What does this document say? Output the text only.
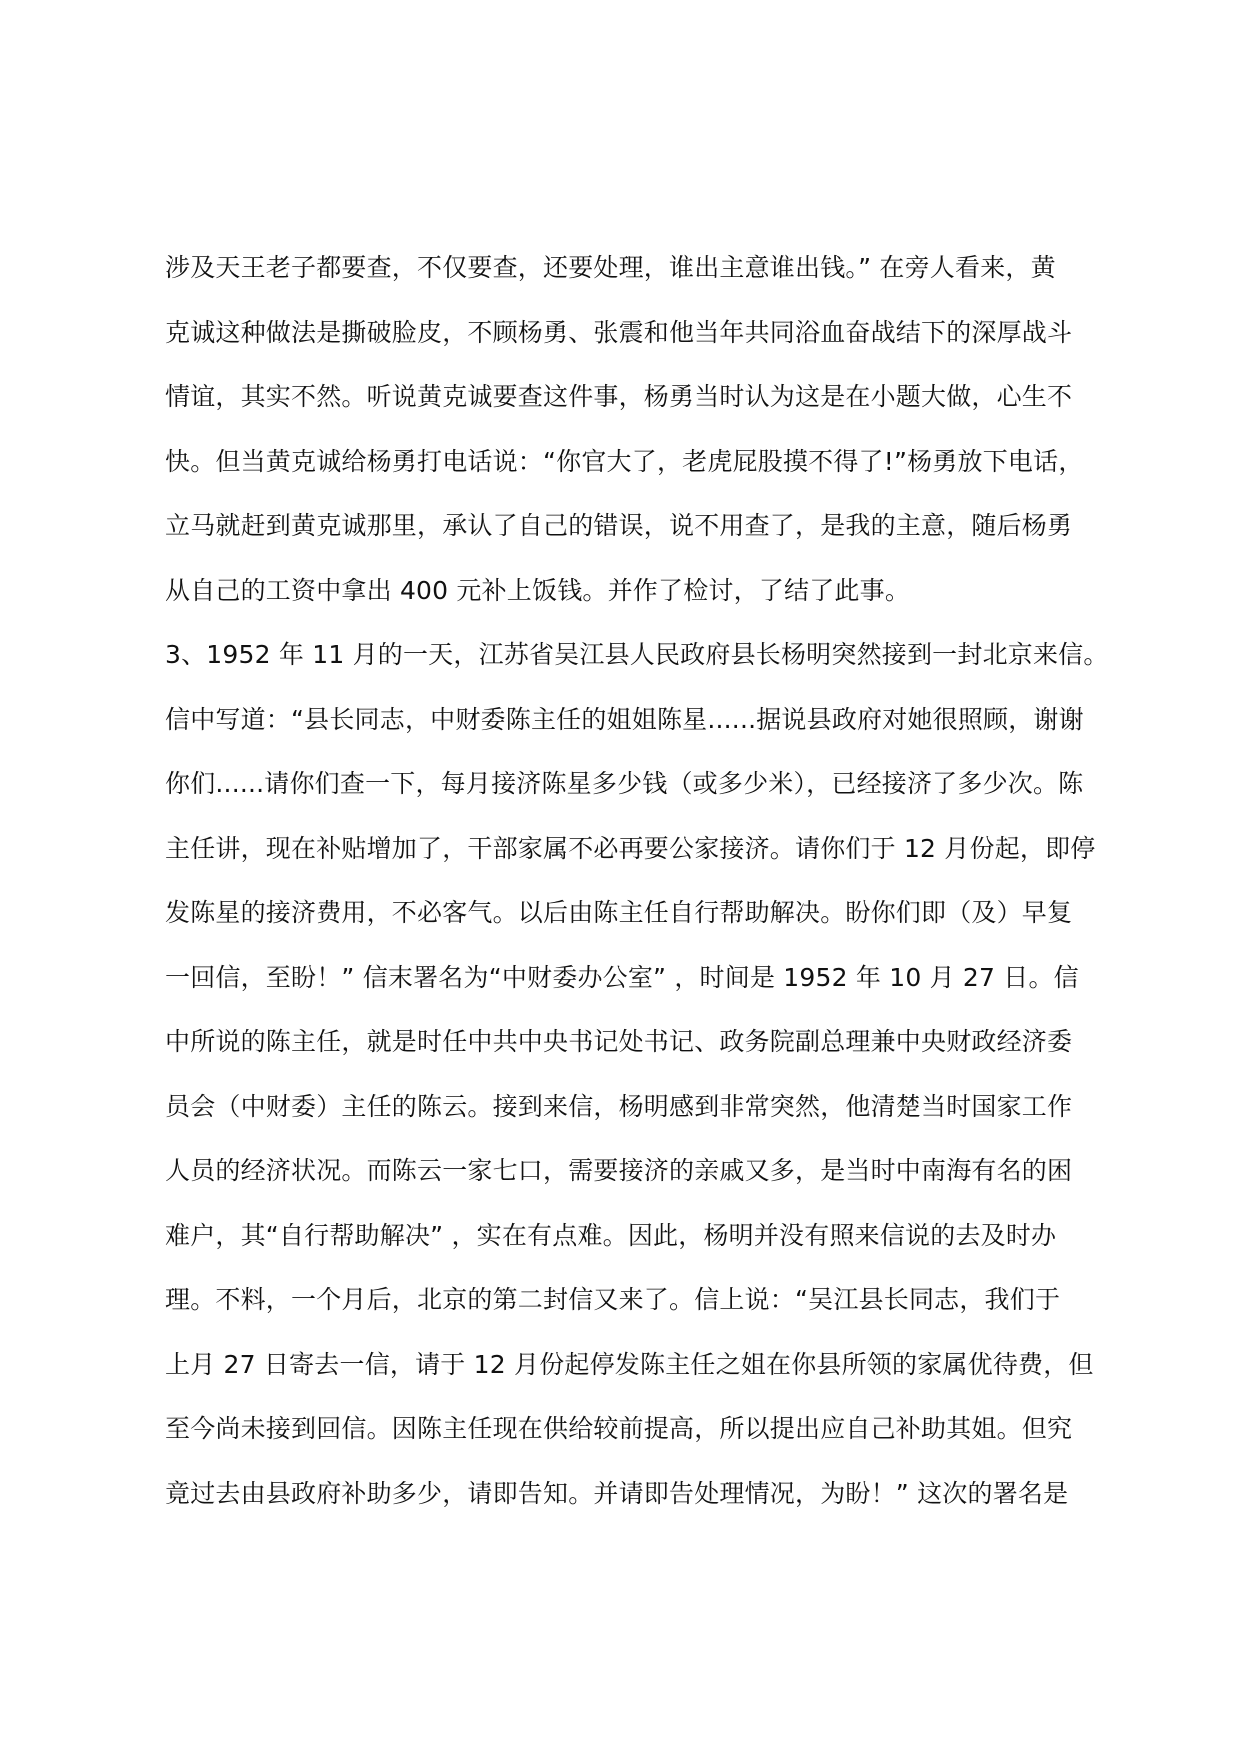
涉及天王老子都要查，不仅要查，还要处理，谁出主意谁出钱。” 在旁人看来，黄
克诚这种做法是撕破脸皮，不顾杨勇、张震和他当年共同浴血奋战结下的深厚战斗
情谊，其实不然。听说黄克诚要查这件事，杨勇当时认为这是在小题大做，心生不
快。但当黄克诚给杨勇打电话说：“你官大了，老虎屁股摸不得了!”杨勇放下电话，
立马就赶到黄克诚那里，承认了自己的错误，说不用查了，是我的主意，随后杨勇
从自己的工资中拿出 400 元补上饭钱。并作了检讨，了结了此事。
3、1952 年 11 月的一天，江苏省吴江县人民政府县长杨明突然接到一封北京来信。
信中写道：“县长同志，中财委陈主任的姐姐陈星......据说县政府对她很照顾，谢谢
你们......请你们查一下，每月接济陈星多少钱（或多少米），已经接济了多少次。陈
主任讲，现在补贴增加了，干部家属不必再要公家接济。请你们于 12 月份起，即停
发陈星的接济费用，不必客气。以后由陈主任自行帮助解决。盼你们即（及）早复
一回信，至盼！” 信末署名为“中财委办公室” ，时间是 1952 年 10 月 27 日。信
中所说的陈主任，就是时任中共中央书记处书记、政务院副总理兼中央财政经济委
员会（中财委）主任的陈云。接到来信，杨明感到非常突然，他清楚当时国家工作
人员的经济状况。而陈云一家七口，需要接济的亲戚又多，是当时中南海有名的困
难户，其“自行帮助解决” ，实在有点难。因此，杨明并没有照来信说的去及时办
理。不料，一个月后，北京的第二封信又来了。信上说：“吴江县长同志，我们于
上月 27 日寄去一信，请于 12 月份起停发陈主任之姐在你县所领的家属优待费，但
至今尚未接到回信。因陈主任现在供给较前提高，所以提出应自己补助其姐。但究
竟过去由县政府补助多少，请即告知。并请即告处理情况，为盼！” 这次的署名是
